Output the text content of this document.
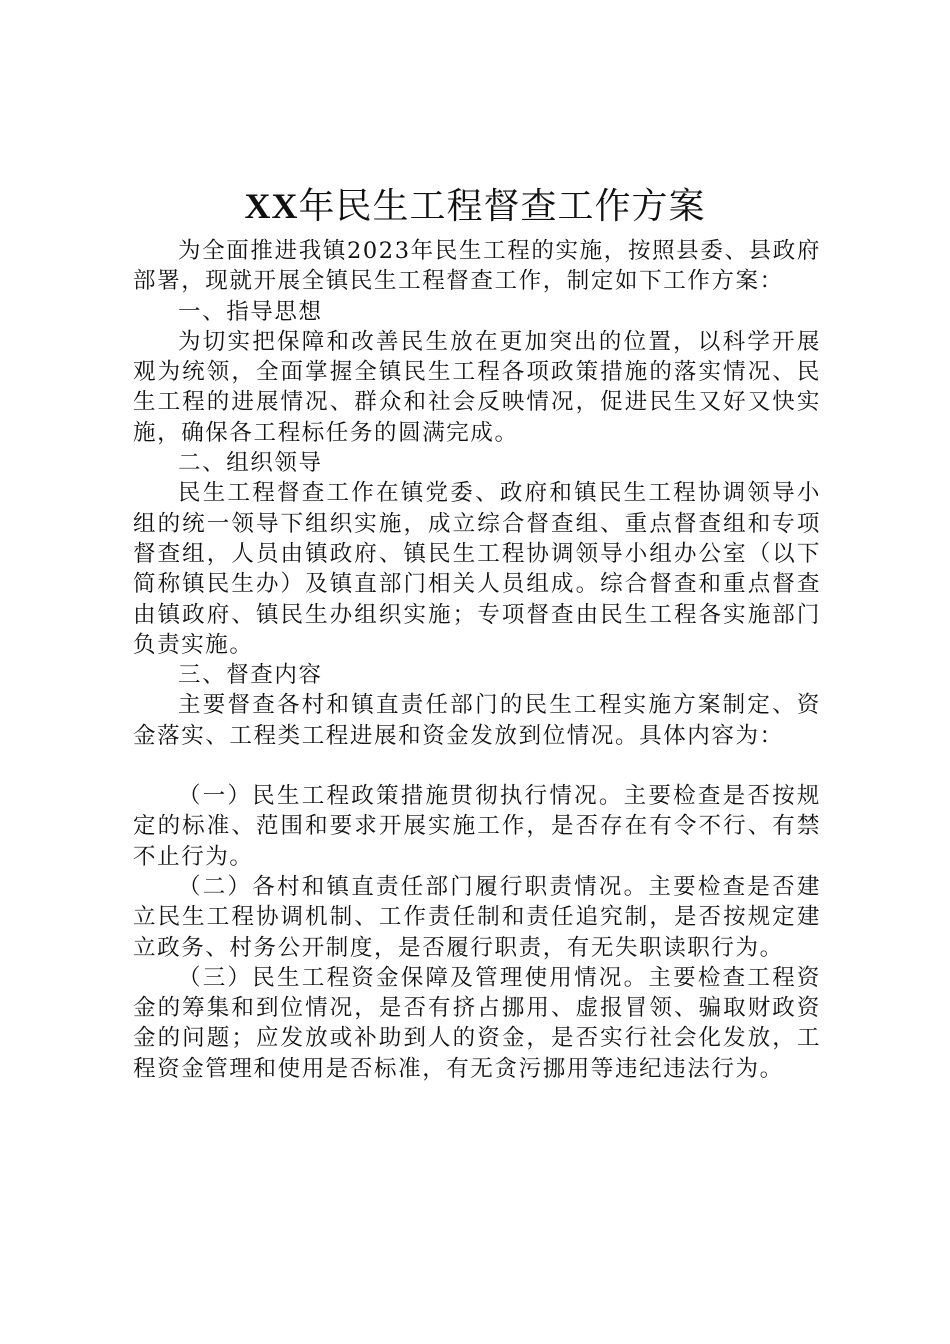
XX年民生工程督查工作方案

为全面推进我镇2023年民生工程的实施，按照县委、县政府部署，现就开展全镇民生工程督查工作，制定如下工作方案：

一、指导思想

为切实把保障和改善民生放在更加突出的位置，以科学开展观为统领，全面掌握全镇民生工程各项政策措施的落实情况、民生工程的进展情况、群众和社会反映情况，促进民生又好又快实施，确保各工程标任务的圆满完成。

二、组织领导

民生工程督查工作在镇党委、政府和镇民生工程协调领导小组的统一领导下组织实施，成立综合督查组、重点督查组和专项督查组，人员由镇政府、镇民生工程协调领导小组办公室（以下简称镇民生办）及镇直部门相关人员组成。综合督查和重点督查由镇政府、镇民生办组织实施；专项督查由民生工程各实施部门负责实施。

三、督查内容

主要督查各村和镇直责任部门的民生工程实施方案制定、资金落实、工程类工程进展和资金发放到位情况。具体内容为：

（一）民生工程政策措施贯彻执行情况。主要检查是否按规定的标准、范围和要求开展实施工作，是否存在有令不行、有禁不止行为。

（二）各村和镇直责任部门履行职责情况。主要检查是否建立民生工程协调机制、工作责任制和责任追究制，是否按规定建立政务、村务公开制度，是否履行职责，有无失职读职行为。

（三）民生工程资金保障及管理使用情况。主要检查工程资金的筹集和到位情况，是否有挤占挪用、虚报冒领、骗取财政资金的问题；应发放或补助到人的资金，是否实行社会化发放，工程资金管理和使用是否标准，有无贪污挪用等违纪违法行为。
